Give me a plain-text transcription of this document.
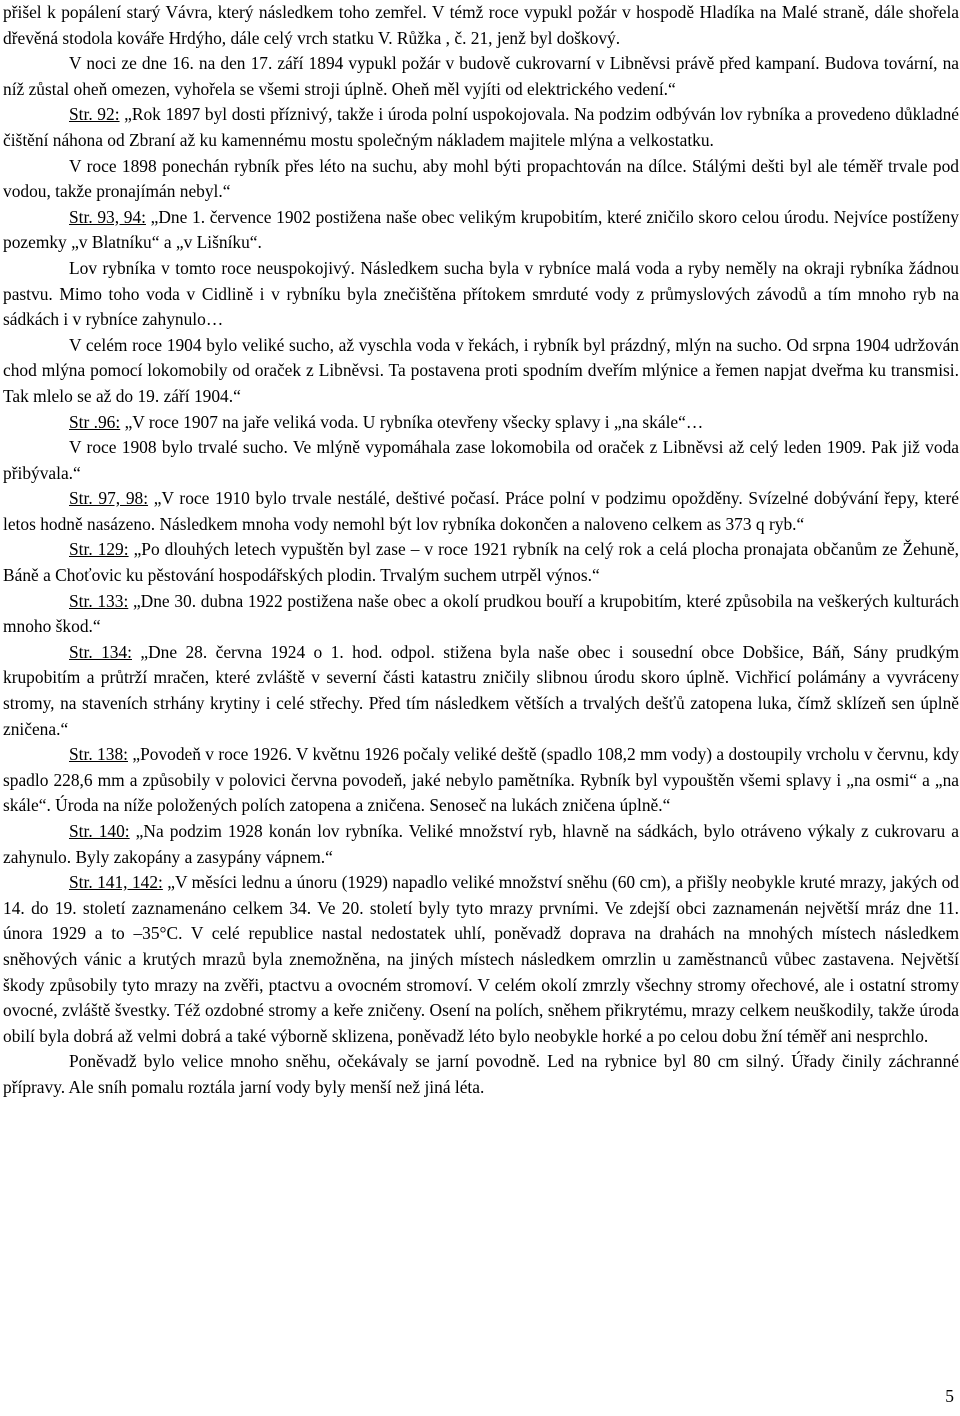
přišel k popálení starý Vávra, který následkem toho zemřel. V témž roce vypukl požár v hospodě Hladíka na Malé straně, dále shořela dřevěná stodola kováře Hrdýho, dále celý vrch statku V. Růžka , č. 21, jenž byl doškový.

V noci ze dne 16. na den 17. září 1894 vypukl požár v budově cukrovarní v Libněvsi právě před kampaní. Budova tovární, na níž zůstal oheň omezen, vyhořela se všemi stroji úplně. Oheň měl vyjíti od elektrického vedení.“

Str. 92: „Rok 1897 byl dosti příznivý, takže i úroda polní uspokojovala. Na podzim odbýván lov rybníka a provedeno důkladné čištění náhona od Zbraní až ku kamennému mostu společným nákladem majitele mlýna a velkostatku.

V roce 1898 ponechán rybník přes léto na suchu, aby mohl býti propachtován na dílce. Stálými dešti byl ale téměř trvale pod vodou, takže pronajímán nebyl.“

Str. 93, 94: „Dne 1. července 1902 postižena naše obec velikým krupobitím, které zničilo skoro celou úrodu. Nejvíce postíženy pozemky „v Blatníku“ a „v Lišníku“.

Lov rybníka v tomto roce neuspokojivý. Následkem sucha byla v rybníce malá voda a ryby neměly na okraji rybníka žádnou pastvu. Mimo toho voda v Cidlině i v rybníku byla znečištěna přítokem smrduté vody z průmyslových závodů a tím mnoho ryb na sádkách i v rybníce zahynulo…

V celém roce 1904 bylo veliké sucho, až vyschla voda v řekách, i rybník byl prázdný, mlýn na sucho. Od srpna 1904 udržován chod mlýna pomocí lokomobily od oraček z Libněvsi. Ta postavena proti spodním dveřím mlýnice a řemen napjat dveřma ku transmisi. Tak mlelo se až do 19. září 1904.“

Str .96: „V roce 1907 na jaře veliká voda. U rybníka otevřeny všecky splavy i „na skále“…

V roce 1908 bylo trvalé sucho. Ve mlýně vypomáhala zase lokomobila od oraček z Libněvsi až celý leden 1909. Pak již voda přibývala.“

Str. 97, 98: „V roce 1910 bylo trvale nestálé, deštivé počasí. Práce polní v podzimu opožděny. Svízelné dobývání řepy, které letos hodně nasázeno. Následkem mnoha vody nemohl být lov rybníka dokončen a naloveno celkem as 373 q ryb.“

Str. 129: „Po dlouhých letech vypuštěn byl zase – v roce 1921 rybník na celý rok a celá plocha pronajata občanům ze Žehuně, Báně a Choťovic ku pěstování hospodářských plodin. Trvalým suchem utrpěl výnos.“

Str. 133: „Dne 30. dubna 1922 postižena naše obec a okolí prudkou bouří a krupobitím, které způsobila na veškerých kulturách mnoho škod.“

Str. 134: „Dne 28. června 1924 o 1. hod. odpol. stižena byla naše obec i sousední obce Dobšice, Báň, Sány prudkým krupobitím a průtrží mračen, které zvláště v severní části katastru zničily slibnou úrodu skoro úplně. Vichřicí polámány a vyvráceny stromy, na staveních strhány krytiny i celé střechy. Před tím následkem větších a trvalých dešťů zatopena luka, čímž sklízeň sen úplně zničena.“

Str. 138: „Povodeň v roce 1926. V květnu 1926 počaly veliké deště (spadlo 108,2 mm vody) a dostoupily vrcholu v červnu, kdy spadlo 228,6 mm a způsobily v polovici června povodeň, jaké nebylo pamětníka. Rybník byl vypouštěn všemi splavy i „na osmi“ a „na skále“. Úroda na níže položených polích zatopena a zničena. Senoseč na lukách zničena úplně.“

Str. 140: „Na podzim 1928 konán lov rybníka. Veliké množství ryb, hlavně na sádkách, bylo otráveno výkaly z cukrovaru a zahynulo. Byly zakopány a zasypány vápnem.“

Str. 141, 142: „V měsíci lednu a únoru (1929) napadlo veliké množství sněhu (60 cm), a přišly neobykle kruté mrazy, jakých od 14. do 19. století zaznamenáno celkem 34. Ve 20. století byly tyto mrazy prvními. Ve zdejší obci zaznamenán největší mráz dne 11. února 1929 a to –35°C. V celé republice nastal nedostatek uhlí, poněvadž doprava na drahách na mnohých místech následkem sněhových vánic a krutých mrazů byla znemožněna, na jiných místech následkem omrzlin u zaměstnanců vůbec zastavena. Největší škody způsobily tyto mrazy na zvěři, ptactvu a ovocném stromoví. V celém okolí zmrzly všechny stromy ořechové, ale i ostatní stromy ovocné, zvláště švestky. Též ozdobné stromy a keře zničeny. Osení na polích, sněhem přikrytému, mrazy celkem neuškodily, takže úroda obilí byla dobrá až velmi dobrá a také výborně sklizena, poněvadž léto bylo neobykle horké a po celou dobu žní téměř ani nesprchlo.

Poněvadž bylo velice mnoho sněhu, očekávaly se jarní povodně. Led na rybnice byl 80 cm silný. Úřady činily záchranné přípravy. Ale sníh pomalu roztála jarní vody byly menší než jiná léta.

5
